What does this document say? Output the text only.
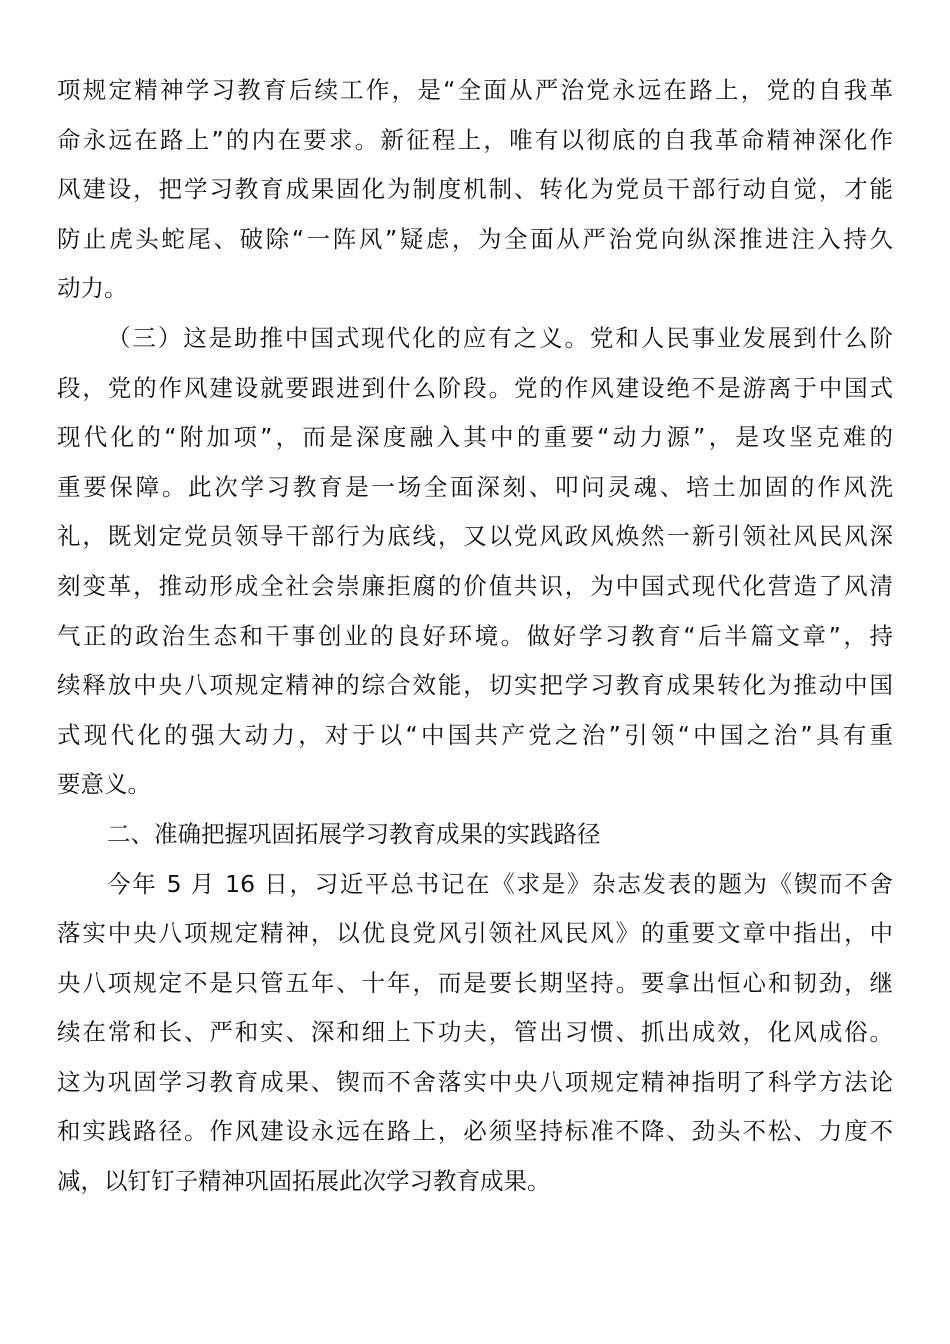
项规定精神学习教育后续工作，是“全面从严治党永远在路上，党的自我革
命永远在路上”的内在要求。新征程上，唯有以彻底的自我革命精神深化作
风建设，把学习教育成果固化为制度机制、转化为党员干部行动自觉，才能
防止虎头蛇尾、破除“一阵风”疑虑，为全面从严治党向纵深推进注入持久
动力。
（三）这是助推中国式现代化的应有之义。党和人民事业发展到什么阶
段，党的作风建设就要跟进到什么阶段。党的作风建设绝不是游离于中国式
现代化的“附加项”，而是深度融入其中的重要“动力源”，是攻坚克难的
重要保障。此次学习教育是一场全面深刻、叩问灵魂、培土加固的作风洗
礼，既划定党员领导干部行为底线，又以党风政风焕然一新引领社风民风深
刻变革，推动形成全社会崇廉拒腐的价值共识，为中国式现代化营造了风清
气正的政治生态和干事创业的良好环境。做好学习教育“后半篇文章”，持
续释放中央八项规定精神的综合效能，切实把学习教育成果转化为推动中国
式现代化的强大动力，对于以“中国共产党之治”引领“中国之治”具有重
要意义。
二、准确把握巩固拓展学习教育成果的实践路径
今年 5 月 16 日，习近平总书记在《求是》杂志发表的题为《锲而不舍
落实中央八项规定精神，以优良党风引领社风民风》的重要文章中指出，中
央八项规定不是只管五年、十年，而是要长期坚持。要拿出恒心和韧劲，继
续在常和长、严和实、深和细上下功夫，管出习惯、抓出成效，化风成俗。
这为巩固学习教育成果、锲而不舍落实中央八项规定精神指明了科学方法论
和实践路径。作风建设永远在路上，必须坚持标准不降、劲头不松、力度不
减，以钉钉子精神巩固拓展此次学习教育成果。
